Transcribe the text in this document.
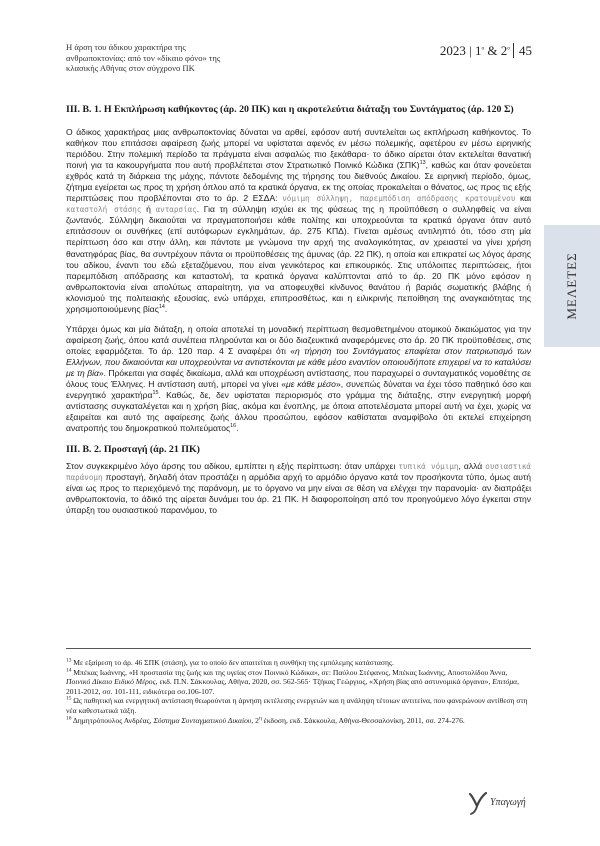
Η άρση του άδικου χαρακτήρα της
ανθρωποκτονίας: από τον «δίκαιο φόνο» της
κλασικής Αθήνας στον σύγχρονο ΠΚ
2023 | $1^o$ & $2^o$ 45
ΜΕΛΕΤΕΣ
ΙΙΙ. Β. 1. Η Εκπλήρωση καθήκοντος (άρ. 20 ΠΚ) και η ακροτελεύτια διάταξη του Συντάγματος (άρ. 120 Σ)

Ο άδικος χαρακτήρας μιας ανθρωποκτονίας δύναται να αρθεί, εφόσον αυτή συντελείται ως εκπλήρωση καθήκοντος. Το καθήκον που επιτάσσει αφαίρεση ζωής μπορεί να υφίσταται αφενός εν μέσω πολεμικής, αφετέρου εν μέσω ειρηνικής περιόδου. Στην πολεμική περίοδο τα πράγματα είναι ασφαλώς πιο ξεκάθαρα· το άδικο αίρεται όταν εκτελείται θανατική ποινή για τα κακουργήματα που αυτή προβλέπεται στον Στρατιωτικό Ποινικό Κώδικα $(\Sigma\Pi K)^{13}$, καθώς και όταν φονεύεται εχθρός κατά τη διάρκεια της μάχης, πάντοτε δεδομένης της τήρησης του διεθνούς Δικαίου. Σε ειρηνική περίοδο, όμως, ζήτημα εγείρεται ως προς τη χρήση όπλου από τα κρατικά όργανα, εκ της οποίας προκαλείται ο θάνατος, ως προς τις εξής περιπτώσεις που προβλέπονται στο το άρ. 2 ΕΣΔΑ: νόμιμη σύλληψη, παρεμπόδιση απόδρασης κρατουμένου και καταστολή στάσης ή ανταρσίας. Για τη σύλληψη ισχύει εκ της φύσεως της η προϋπόθεση ο συλληφθείς να είναι ζωντανός. Σύλληψη δικαιούται να πραγματοποιήσει κάθε πολίτης και υποχρεούνται τα κρατικά όργανα όταν αυτό επιτάσσουν οι συνθήκες (επί αυτόφωρων εγκλημάτων, άρ. 275 ΚΠΔ). Γίνεται αμέσως αντιληπτό ότι, τόσο στη μία περίπτωση όσο και στην άλλη, και πάντοτε με γνώμονα την αρχή της αναλογικότητας, αν χρειαστεί να γίνει χρήση θανατηφόρας βίας, θα συντρέχουν πάντα οι προϋποθέσεις της άμυνας (άρ. 22 ΠΚ), η οποία και επικρατεί ως λόγος άρσης του αδίκου, έναντι του εδώ εξεταζόμενου, που είναι γενικότερος και επικουρικός. Στις υπόλοιπες περιπτώσεις, ήτοι παρεμπόδιση απόδρασης και καταστολή, τα κρατικά όργανα καλύπτονται από το άρ. 20 ΠΚ μόνο εφόσον η ανθρωποκτονία είναι απολύτως απαραίτητη, για να αποφευχθεί κίνδυνος θανάτου ή βαριάς σωματικής βλάβης ή κλονισμού της πολιτειακής εξουσίας, ενώ υπάρχει, επιπροσθέτως, και η ειλικρινής πεποίθηση της αναγκαιότητας της χρησιμοποιούμενης βίας$^{14}$.

Υπάρχει όμως και μία διάταξη, η οποία αποτελεί τη μοναδική περίπτωση θεσμοθετημένου ατομικού δικαιώματος για την αφαίρεση ζωής, όπου κατά συνέπεια πληρούνται και οι δύο διαζευκτικά αναφερόμενες στο άρ. 20 ΠΚ προϋποθέσεις, στις οποίες εφαρμόζεται. Το άρ. 120 παρ. 4 Σ αναφέρει ότι «η τήρηση του Συντάγματος επαφίεται στον πατριωτισμό των Ελλήνων, που δικαιούνται και υποχρεούνται να αντιστέκονται με κάθε μέσο εναντίον οποιουδήποτε επιχειρεί να το καταλύσει με τη βία». Πρόκειται για σαφές δικαίωμα, αλλά και υποχρέωση αντίστασης, που παραχωρεί ο συνταγματικός νομοθέτης σε όλους τους Έλληνες. Η αντίσταση αυτή, μπορεί να γίνει «με κάθε μέσο», συνεπώς δύναται να έχει τόσο παθητικό όσο και ενεργητικό χαρακτήρα$^{15}$. Καθώς, δε, δεν υφίσταται περιορισμός στο γράμμα της διάταξης, στην ενεργητική μορφή αντίστασης συγκαταλέγεται και η χρήση βίας, ακόμα και ένοπλης, με όποια αποτελέσματα μπορεί αυτή να έχει, χωρίς να εξαιρείται και αυτό της αφαίρεσης ζωής άλλου προσώπου, εφόσον καθίσταται αναμφίβολο ότι εκτελεί επιχείρηση ανατροπής του δημοκρατικού πολιτεύματος$^{16}$.

ΙΙΙ. Β. 2. Προσταγή (άρ. 21 ΠΚ)

Στον συγκεκριμένο λόγο άρσης του αδίκου, εμπίπτει η εξής περίπτωση: όταν υπάρχει τυπικά νόμιμη, αλλά ουσιαστικά παράνομη προσταγή, δηλαδή όταν προστάζει η αρμόδια αρχή το αρμόδιο όργανο κατά τον προσήκοντα τύπο, όμως αυτή είναι ως προς το περιεχόμενό της παράνομη, με το όργανο να μην είναι σε θέση να ελέγχει την παρανομία· αν διαπράξει ανθρωποκτονία, το άδικό της αίρεται δυνάμει του άρ. 21 ΠΚ. Η διαφοροποίηση από τον προηγούμενο λόγο έγκειται στην ύπαρξη του ουσιαστικού παρανόμου, το

$^{13}$ Με εξαίρεση το άρ. 46 ΣΠΚ (στάση), για το οποίο δεν απαιτείται η συνθήκη της εμπόλεμης κατάστασης.

$^{14}$ Μπέκας Ιωάννης, «Η προστασία της ζωής και της υγείας στον Ποινικό Κώδικα», σε: Παύλου Στέφανος, Μπέκας Ιωάννης, Αποστολίδου Άννα, Ποινικό Δίκαιο Ειδικό Μέρος, εκδ. Π.Ν. Σάκκουλας, Αθήνα, 2020, σσ. 562-565· Τζήκας Γεώργιος, «Χρήση βίας από αστυνομικά όργανα», Επιτόμα, 2011-2012, σσ. 101-111, ειδικότερα σσ.106-107.

$^{15}$ Ως παθητική και ενεργητική αντίσταση θεωρούνται η άρνηση εκτέλεσης ενεργειών και η ανάληψη τέτοιων αντιτείνα, που φανερώνουν αντίθεση στη νέα καθεστωτικά τάξη.

$^{16}$ Δημητρόπουλος Ανδρέας, Σύστημα Συνταγματικού Δικαίου, $2^\eta$ έκδοση, εκδ. Σάκκουλα, Αθήνα-Θεσσαλονίκη, 2011, σσ. 274-276.

Υπαγωγή
